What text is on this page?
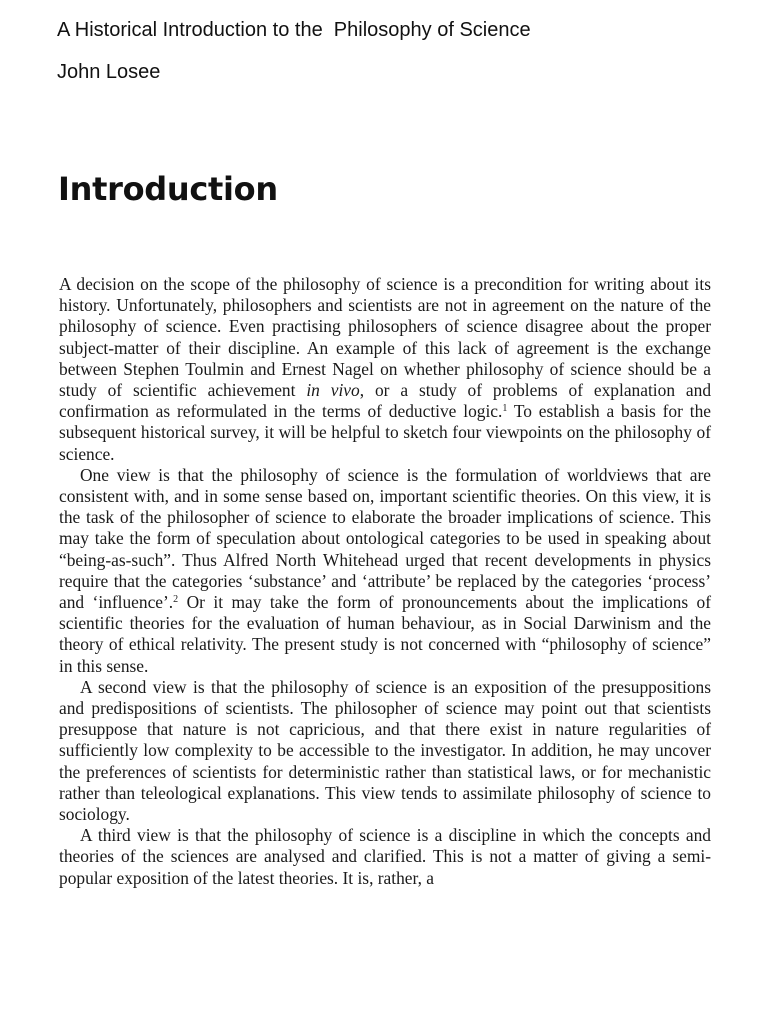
A Historical Introduction to the  Philosophy of Science
John Losee
Introduction

A decision on the scope of the philosophy of science is a precondition for writing about its history. Unfortunately, philosophers and scientists are not in agreement on the nature of the philosophy of science. Even practising philosophers of science disagree about the proper subject-matter of their discipline. An example of this lack of agreement is the exchange between Stephen Toulmin and Ernest Nagel on whether philosophy of science should be a study of scientific achievement in vivo, or a study of problems of explanation and confirmation as reformulated in the terms of deductive logic.$^1$ To establish a basis for the subsequent historical survey, it will be helpful to sketch four viewpoints on the philosophy of science.

One view is that the philosophy of science is the formulation of worldviews that are consistent with, and in some sense based on, important scientific theories. On this view, it is the task of the philosopher of science to elaborate the broader implications of science. This may take the form of speculation about ontological categories to be used in speaking about “being-as-such”. Thus Alfred North Whitehead urged that recent developments in physics require that the categories ‘substance’ and ‘attribute’ be replaced by the categories ‘process’ and ‘influence’.$^2$ Or it may take the form of pronouncements about the implications of scientific theories for the evaluation of human behaviour, as in Social Darwinism and the theory of ethical relativity. The present study is not concerned with “philosophy of science” in this sense.

A second view is that the philosophy of science is an exposition of the presuppositions and predispositions of scientists. The philosopher of science may point out that scientists presuppose that nature is not capricious, and that there exist in nature regularities of sufficiently low complexity to be accessible to the investigator. In addition, he may uncover the preferences of scientists for deterministic rather than statistical laws, or for mechanistic rather than teleological explanations. This view tends to assimilate philosophy of science to sociology.

A third view is that the philosophy of science is a discipline in which the concepts and theories of the sciences are analysed and clarified. This is not a matter of giving a semi-popular exposition of the latest theories. It is, rather, a
